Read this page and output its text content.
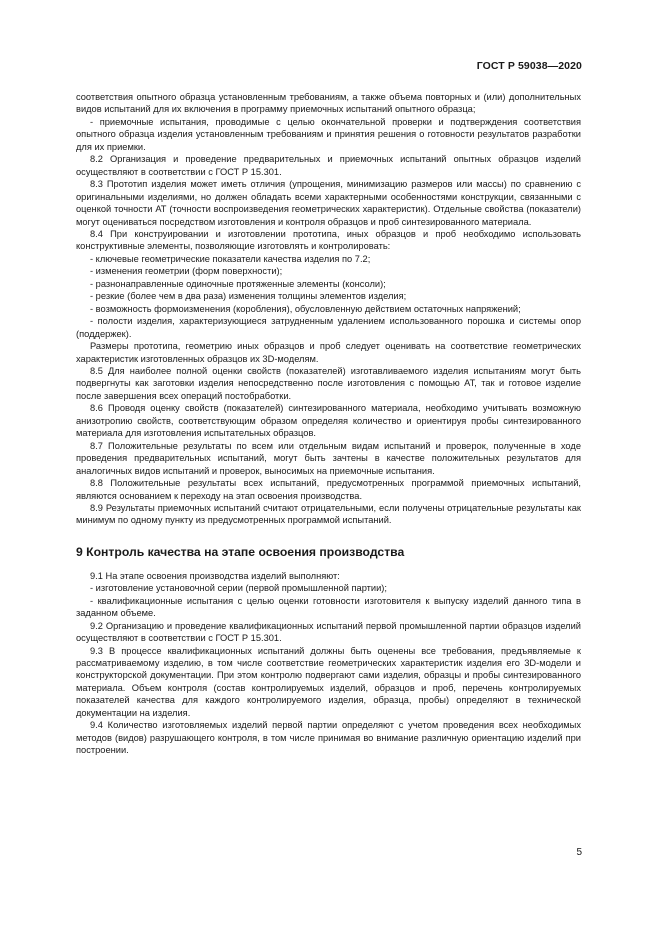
ГОСТ Р 59038—2020

соответствия опытного образца установленным требованиям, а также объема повторных и (или) дополнительных видов испытаний для их включения в программу приемочных испытаний опытного образца;

- приемочные испытания, проводимые с целью окончательной проверки и подтверждения соответствия опытного образца изделия установленным требованиям и принятия решения о готовности результатов разработки для их приемки.

8.2 Организация и проведение предварительных и приемочных испытаний опытных образцов изделий осуществляют в соответствии с ГОСТ Р 15.301.

8.3 Прототип изделия может иметь отличия (упрощения, минимизацию размеров или массы) по сравнению с оригинальными изделиями, но должен обладать всеми характерными особенностями конструкции, связанными с оценкой точности АТ (точности воспроизведения геометрических характеристик). Отдельные свойства (показатели) могут оцениваться посредством изготовления и контроля образцов и проб синтезированного материала.

8.4 При конструировании и изготовлении прототипа, иных образцов и проб необходимо использовать конструктивные элементы, позволяющие изготовлять и контролировать:

- ключевые геометрические показатели качества изделия по 7.2;

- изменения геометрии (форм поверхности);

- разнонаправленные одиночные протяженные элементы (консоли);

- резкие (более чем в два раза) изменения толщины элементов изделия;

- возможность формоизменения (коробления), обусловленную действием остаточных напряжений;

- полости изделия, характеризующиеся затрудненным удалением использованного порошка и системы опор (поддержек).

Размеры прототипа, геометрию иных образцов и проб следует оценивать на соответствие геометрических характеристик изготовленных образцов их 3D-моделям.

8.5 Для наиболее полной оценки свойств (показателей) изготавливаемого изделия испытаниям могут быть подвергнуты как заготовки изделия непосредственно после изготовления с помощью АТ, так и готовое изделие после завершения всех операций постобработки.

8.6 Проводя оценку свойств (показателей) синтезированного материала, необходимо учитывать возможную анизотропию свойств, соответствующим образом определяя количество и ориентируя пробы синтезированного материала для изготовления испытательных образцов.

8.7 Положительные результаты по всем или отдельным видам испытаний и проверок, полученные в ходе проведения предварительных испытаний, могут быть зачтены в качестве положительных результатов для аналогичных видов испытаний и проверок, выносимых на приемочные испытания.

8.8 Положительные результаты всех испытаний, предусмотренных программой приемочных испытаний, являются основанием к переходу на этап освоения производства.

8.9 Результаты приемочных испытаний считают отрицательными, если получены отрицательные результаты как минимум по одному пункту из предусмотренных программой испытаний.

9 Контроль качества на этапе освоения производства

9.1 На этапе освоения производства изделий выполняют:

- изготовление установочной серии (первой промышленной партии);

- квалификационные испытания с целью оценки готовности изготовителя к выпуску изделий данного типа в заданном объеме.

9.2 Организацию и проведение квалификационных испытаний первой промышленной партии образцов изделий осуществляют в соответствии с ГОСТ Р 15.301.

9.3 В процессе квалификационных испытаний должны быть оценены все требования, предъявляемые к рассматриваемому изделию, в том числе соответствие геометрических характеристик изделия его 3D-модели и конструкторской документации. При этом контролю подвергают сами изделия, образцы и пробы синтезированного материала. Объем контроля (состав контролируемых изделий, образцов и проб, перечень контролируемых показателей качества для каждого контролируемого изделия, образца, пробы) определяют в технической документации на изделия.

9.4 Количество изготовляемых изделий первой партии определяют с учетом проведения всех необходимых методов (видов) разрушающего контроля, в том числе принимая во внимание различную ориентацию изделий при построении.

5
